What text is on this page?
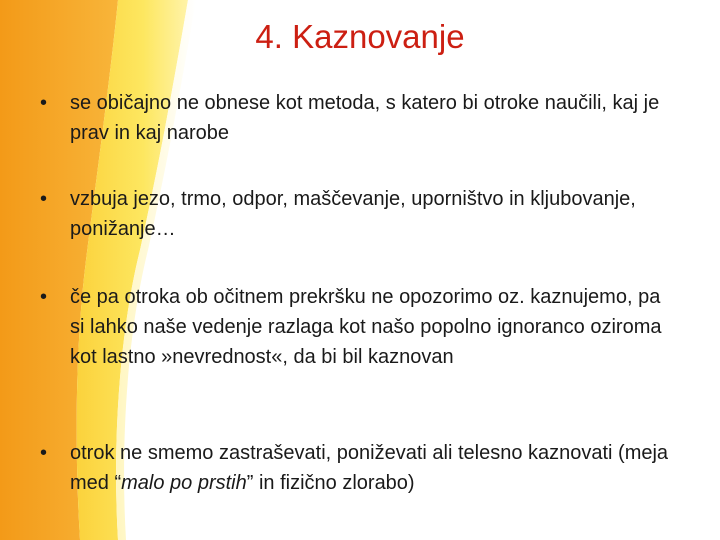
4. Kaznovanje
• se običajno ne obnese kot metoda, s katero bi otroke naučili, kaj je prav in kaj narobe
• vzbuja jezo, trmo, odpor, maščevanje, uporništvo in kljubovanje, ponižanje…
• če pa otroka ob očitnem prekršku ne opozorimo oz. kaznujemo, pa si lahko naše vedenje razlaga kot našo popolno ignoranco oziroma kot lastno »nevrednost«, da bi bil kaznovan
• otrok ne smemo zastraševati, poniževati ali telesno kaznovati (meja med “malo po prstih” in fizično zlorabo)
